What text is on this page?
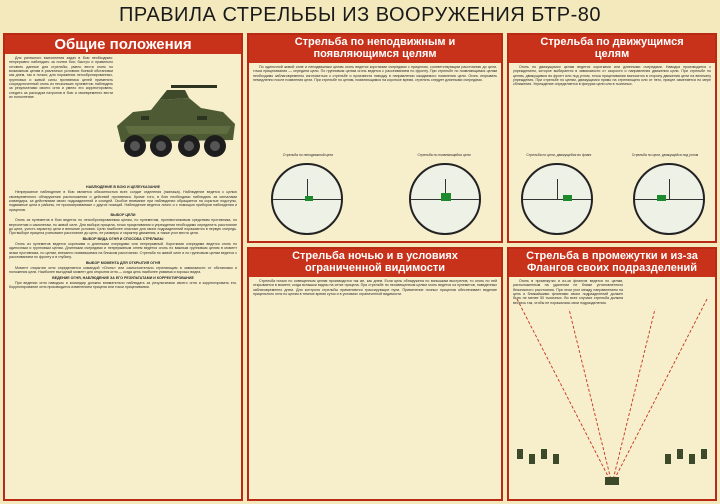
ПРАВИЛА СТРЕЛЬБЫ ИЗ ВООРУЖЕНИЯ БТР-80
Общие положения

Для успешного выполнения задач в бою необходимо: непрерывно наблюдать за полем боя; быстро и правильно готовить данные для стрельбы; умело вести огонь по возможным целям в различных условиях боевой обстановки как днем, так и ночью; для поражения легкобронированных, групповых и живой силы противника целей применять сосредоточенный огонь из нескольких пулеметов; наблюдать за результатами своего огня и умело его корректировать; следить за расходом патронов в бою и своевременно вести их пополнение.

НАБЛЮДЕНИЕ В БОЮ И ЦЕЛЕУКАЗАНИЕ

Непрерывное наблюдение в бою является обязанностью всех солдат отделения (экипажа). Наблюдение ведется с целью своевременного обнаружения расположения и действий противника. Кроме того, в бою необходимо наблюдать за сигналами командира, за действиями своих подразделений и соседей. Особое внимание при наблюдении обращается на скрытые подступы, подвижные цели и районы, не просматриваемые с других позиций. Наблюдение ведется лично и с помощью приборов наблюдения и прицелов.

ВЫБОР ЦЕЛИ

Огонь из пулеметов в бою ведется по легкобронированным целям, по пулеметам, противотанковым средствам противника, по вертолетам и самолетам, по живой силе. Для выбора прицела, точки прицеливания и упреждения необходимо определить расстояние до цели, учесть характер цели и внешние условия. Цели наиболее опасные для своих подразделений поражаются в первую очередь. При выборе прицела учитывают расстояние до цели, ее размеры и характер движения, а также угол места цели.

ВЫБОР ВИДА ОГНЯ И СПОСОБА СТРЕЛЬБЫ

Огонь из пулеметов ведется короткими и длинными очередями или непрерывный. Короткими очередями ведется огонь по одиночным и групповым целям. Длинными очередями и непрерывным огнем ведется огонь по важным групповым целям в момент атаки противника, по целям, внезапно появившимся на близком расстоянии. Стрельба по живой силе и по групповым целям ведется с рассеиванием по фронту и в глубину.

ВЫБОР МОМЕНТА ДЛЯ ОТКРЫТИЯ ОГНЯ

Момент открытия огня определяется командой «Огонь» или самостоятельно стреляющим в зависимости от обстановки и положения цели. Наиболее выгодный момент для открытия огня — когда цель наиболее уязвима и хорошо видна.

ВЕДЕНИЕ ОГНЯ, НАБЛЮДЕНИЕ ЗА ЕГО РЕЗУЛЬТАТАМИ И КОРРЕКТИРОВАНИЕ

При ведении огня наводчик и командир должны внимательно наблюдать за результатами своего огня и корректировать его. Корректирование огня производится изменением прицела или точки прицеливания.

Стрельба по неподвижным и появляющимся целям

По одиночной живой силе и неподвижным целям огонь ведется короткими очередями с прицелом, соответствующим расстоянию до цели, точка прицеливания — середина цели. По групповым целям огонь ведется с рассеиванием по фронту. При стрельбе по появляющимся целям необходимо заблаговременно изготовиться к стрельбе и произвести наводку в направлении ожидаемого появления цели. Огонь открывать немедленно после появления цели. При стрельбе по целям, появляющимся на короткое время, стрелять следует длинными очередями.

Стрельба по неподвижной цели	Стрельба по появляющейся цели
Стрельба по движущимся целям

Огонь по движущимся целям ведется короткими или длинными очередями. Наводка производится с упреждением, которое выбирается в зависимости от скорости и направления движения цели. При стрельбе по целям, движущимся во фронт или под углом, точка прицеливания выносится в сторону движения цели на величину упреждения. При стрельбе по целям, движущимся прямо на стреляющего или от него, прицел изменяется по мере сближения. Упреждение определяется в фигурах цели или в тысячных.

Стрельба по цели, движущейся во фланг	Стрельба по цели, движущейся под углом
Стрельба ночью и в условиях ограниченной видимости

Стрельба ночью по освещенным целям производится так же, как днем. Если цель обнаружена по вспышкам выстрелов, то огонь по ней открывается в момент, когда вспышки видны на сетке прицела. При стрельбе по неосвещенным целям огонь ведется из пулеметов, наведенных заблаговременно днем. Для контроля стрельбы применяются трассирующие пули. Применение ночных прицелов обеспечивает ведение прицельного огня по целям в темное время суток и в условиях ограниченной видимости.

Стрельба в промежутки и из-за Флангов своих подразделений

Огонь в промежутки и из-за флангов ведется по целям, расположенным на удалении не ближе установленного безопасного расстояния. При этом угол между направлением на цель и ближайшими флангами своих подразделений должен быть не менее 50 тысячных. Во всех случаях стрельба должна вестись так, чтобы не поражались свои подразделения.
